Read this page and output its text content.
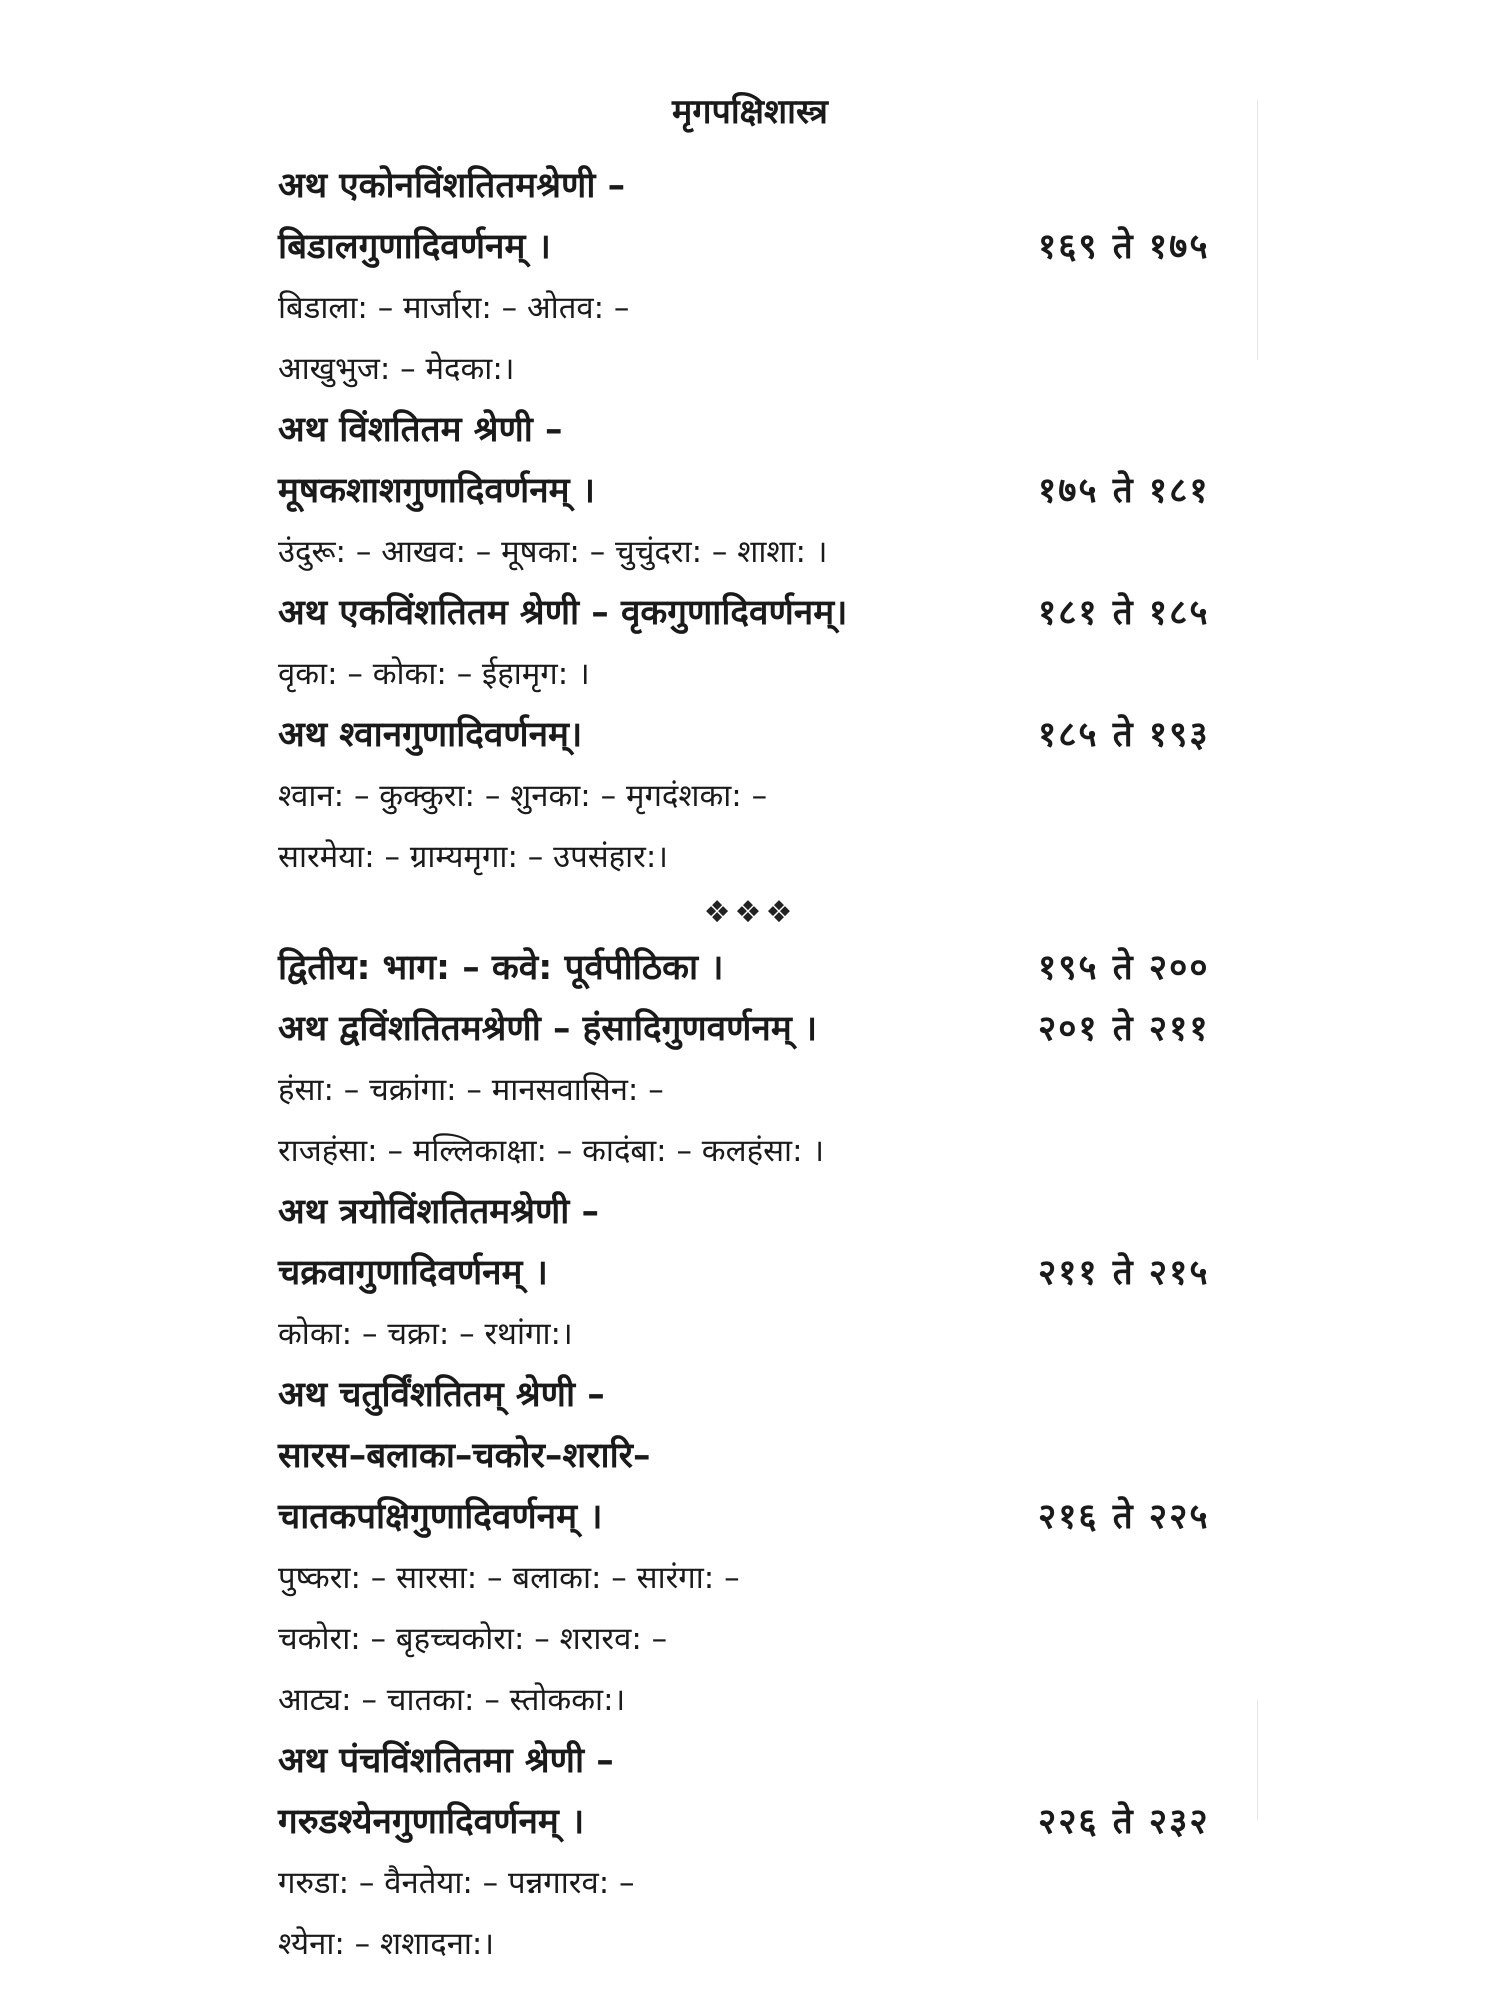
मृगपक्षिशास्त्र
अथ एकोनविंशतितमश्रेणी –
बिडालगुणादिवर्णनम् ।	१६९ ते १७५
बिडाला: – मार्जारा: – ओतव: –
आखुभुज: – मेदका:।
अथ विंशतितम श्रेणी –
मूषकशाशगुणादिवर्णनम् ।	१७५ ते १८१
उंदुरू: – आखव: – मूषका: – चुचुंदरा: – शाशा: ।
अथ एकविंशतितम श्रेणी – वृकगुणादिवर्णनम्।	१८१ ते १८५
वृका: – कोका: – ईहामृग: ।
अथ श्वानगुणादिवर्णनम्।	१८५ ते १९३
श्वान: – कुक्कुरा: – शुनका: – मृगदंशका: –
सारमेया: – ग्राम्यमृगा: – उपसंहार:।
❖❖❖
द्वितीय: भाग: – कवे: पूर्वपीठिका ।	१९५ ते २००
अथ द्वविंशतितमश्रेणी – हंसादिगुणवर्णनम् ।	२०१ ते २११
हंसा: – चक्रांगा: – मानसवासिन: –
राजहंसा: – मल्लिकाक्षा: – कादंबा: – कलहंसा: ।
अथ त्रयोविंशतितमश्रेणी –
चक्रवागुणादिवर्णनम् ।	२११ ते २१५
कोका: – चक्रा: – रथांगा:।
अथ चतुर्विंशतितम् श्रेणी –
सारस–बलाका–चकोर–शरारि–
चातकपक्षिगुणादिवर्णनम् ।	२१६ ते २२५
पुष्करा: – सारसा: – बलाका: – सारंगा: –
चकोरा: – बृहच्चकोरा: – शरारव: –
आट्य: – चातका: – स्तोकका:।
अथ पंचविंशतितमा श्रेणी –
गरुडश्येनगुणादिवर्णनम् ।	२२६ ते २३२
गरुडा: – वैनतेया: – पन्नगारव: –
श्येना: – शशादना:।
